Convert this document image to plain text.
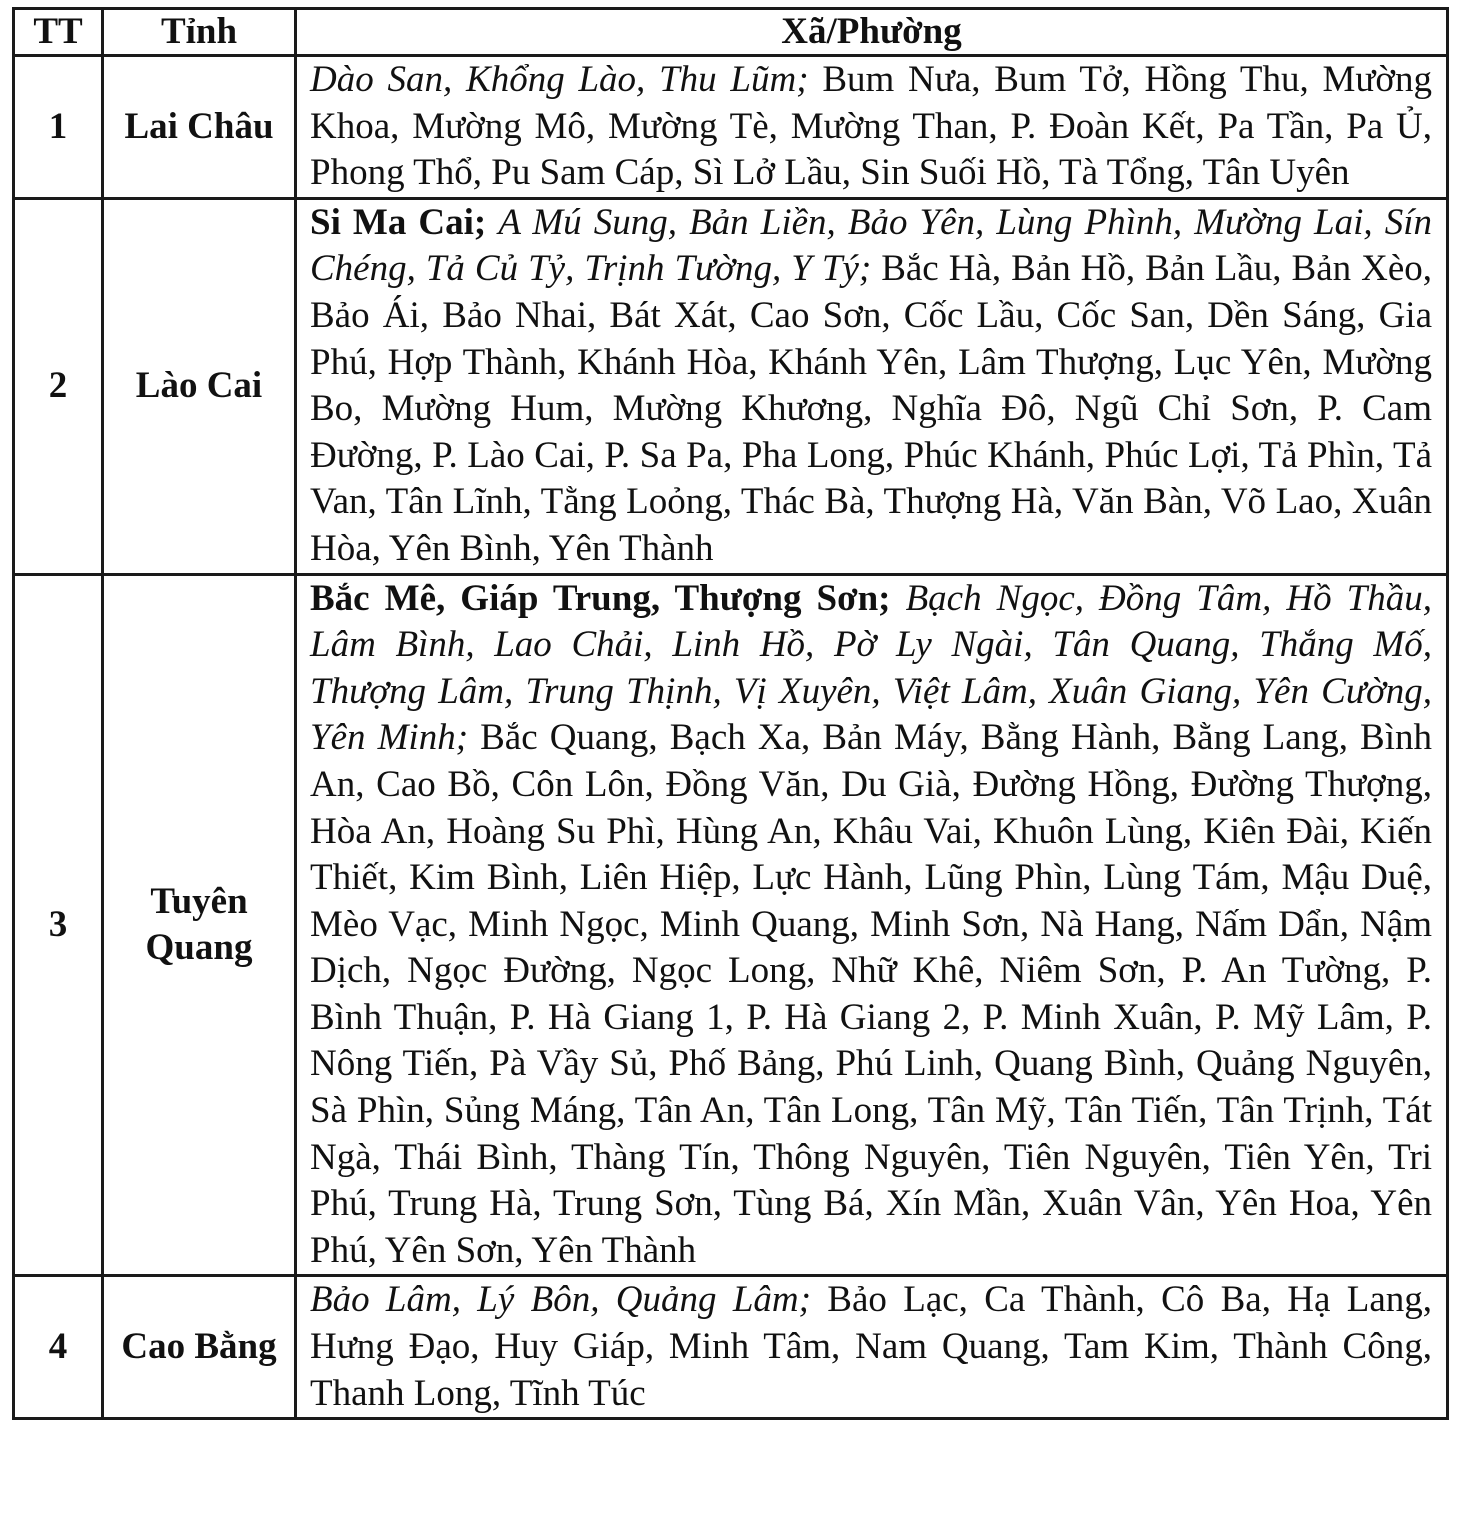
TT	Tỉnh	Xã/Phường
1	Lai Châu	Dào San, Khổng Lào, Thu Lũm; Bum Nưa, Bum Tở, Hồng Thu, Mường Khoa, Mường Mô, Mường Tè, Mường Than, P. Đoàn Kết, Pa Tần, Pa Ủ, Phong Thổ, Pu Sam Cáp, Sì Lở Lầu, Sin Suối Hồ, Tà Tổng, Tân Uyên
2	Lào Cai	Si Ma Cai; A Mú Sung, Bản Liền, Bảo Yên, Lùng Phình, Mường Lai, Sín Chéng, Tả Củ Tỷ, Trịnh Tường, Y Tý; Bắc Hà, Bản Hồ, Bản Lầu, Bản Xèo, Bảo Ái, Bảo Nhai, Bát Xát, Cao Sơn, Cốc Lầu, Cốc San, Dền Sáng, Gia Phú, Hợp Thành, Khánh Hòa, Khánh Yên, Lâm Thượng, Lục Yên, Mường Bo, Mường Hum, Mường Khương, Nghĩa Đô, Ngũ Chỉ Sơn, P. Cam Đường, P. Lào Cai, P. Sa Pa, Pha Long, Phúc Khánh, Phúc Lợi, Tả Phìn, Tả Van, Tân Lĩnh, Tằng Loỏng, Thác Bà, Thượng Hà, Văn Bàn, Võ Lao, Xuân Hòa, Yên Bình, Yên Thành
3	Tuyên Quang	Bắc Mê, Giáp Trung, Thượng Sơn; Bạch Ngọc, Đồng Tâm, Hồ Thầu, Lâm Bình, Lao Chải, Linh Hồ, Pờ Ly Ngài, Tân Quang, Thắng Mố, Thượng Lâm, Trung Thịnh, Vị Xuyên, Việt Lâm, Xuân Giang, Yên Cường, Yên Minh; Bắc Quang, Bạch Xa, Bản Máy, Bằng Hành, Bằng Lang, Bình An, Cao Bồ, Côn Lôn, Đồng Văn, Du Già, Đường Hồng, Đường Thượng, Hòa An, Hoàng Su Phì, Hùng An, Khâu Vai, Khuôn Lùng, Kiên Đài, Kiến Thiết, Kim Bình, Liên Hiệp, Lực Hành, Lũng Phìn, Lùng Tám, Mậu Duệ, Mèo Vạc, Minh Ngọc, Minh Quang, Minh Sơn, Nà Hang, Nấm Dẩn, Nậm Dịch, Ngọc Đường, Ngọc Long, Nhữ Khê, Niêm Sơn, P. An Tường, P. Bình Thuận, P. Hà Giang 1, P. Hà Giang 2, P. Minh Xuân, P. Mỹ Lâm, P. Nông Tiến, Pà Vầy Sủ, Phố Bảng, Phú Linh, Quang Bình, Quảng Nguyên, Sà Phìn, Sủng Máng, Tân An, Tân Long, Tân Mỹ, Tân Tiến, Tân Trịnh, Tát Ngà, Thái Bình, Thàng Tín, Thông Nguyên, Tiên Nguyên, Tiên Yên, Tri Phú, Trung Hà, Trung Sơn, Tùng Bá, Xín Mần, Xuân Vân, Yên Hoa, Yên Phú, Yên Sơn, Yên Thành
4	Cao Bằng	Bảo Lâm, Lý Bôn, Quảng Lâm; Bảo Lạc, Ca Thành, Cô Ba, Hạ Lang, Hưng Đạo, Huy Giáp, Minh Tâm, Nam Quang, Tam Kim, Thành Công, Thanh Long, Tĩnh Túc
